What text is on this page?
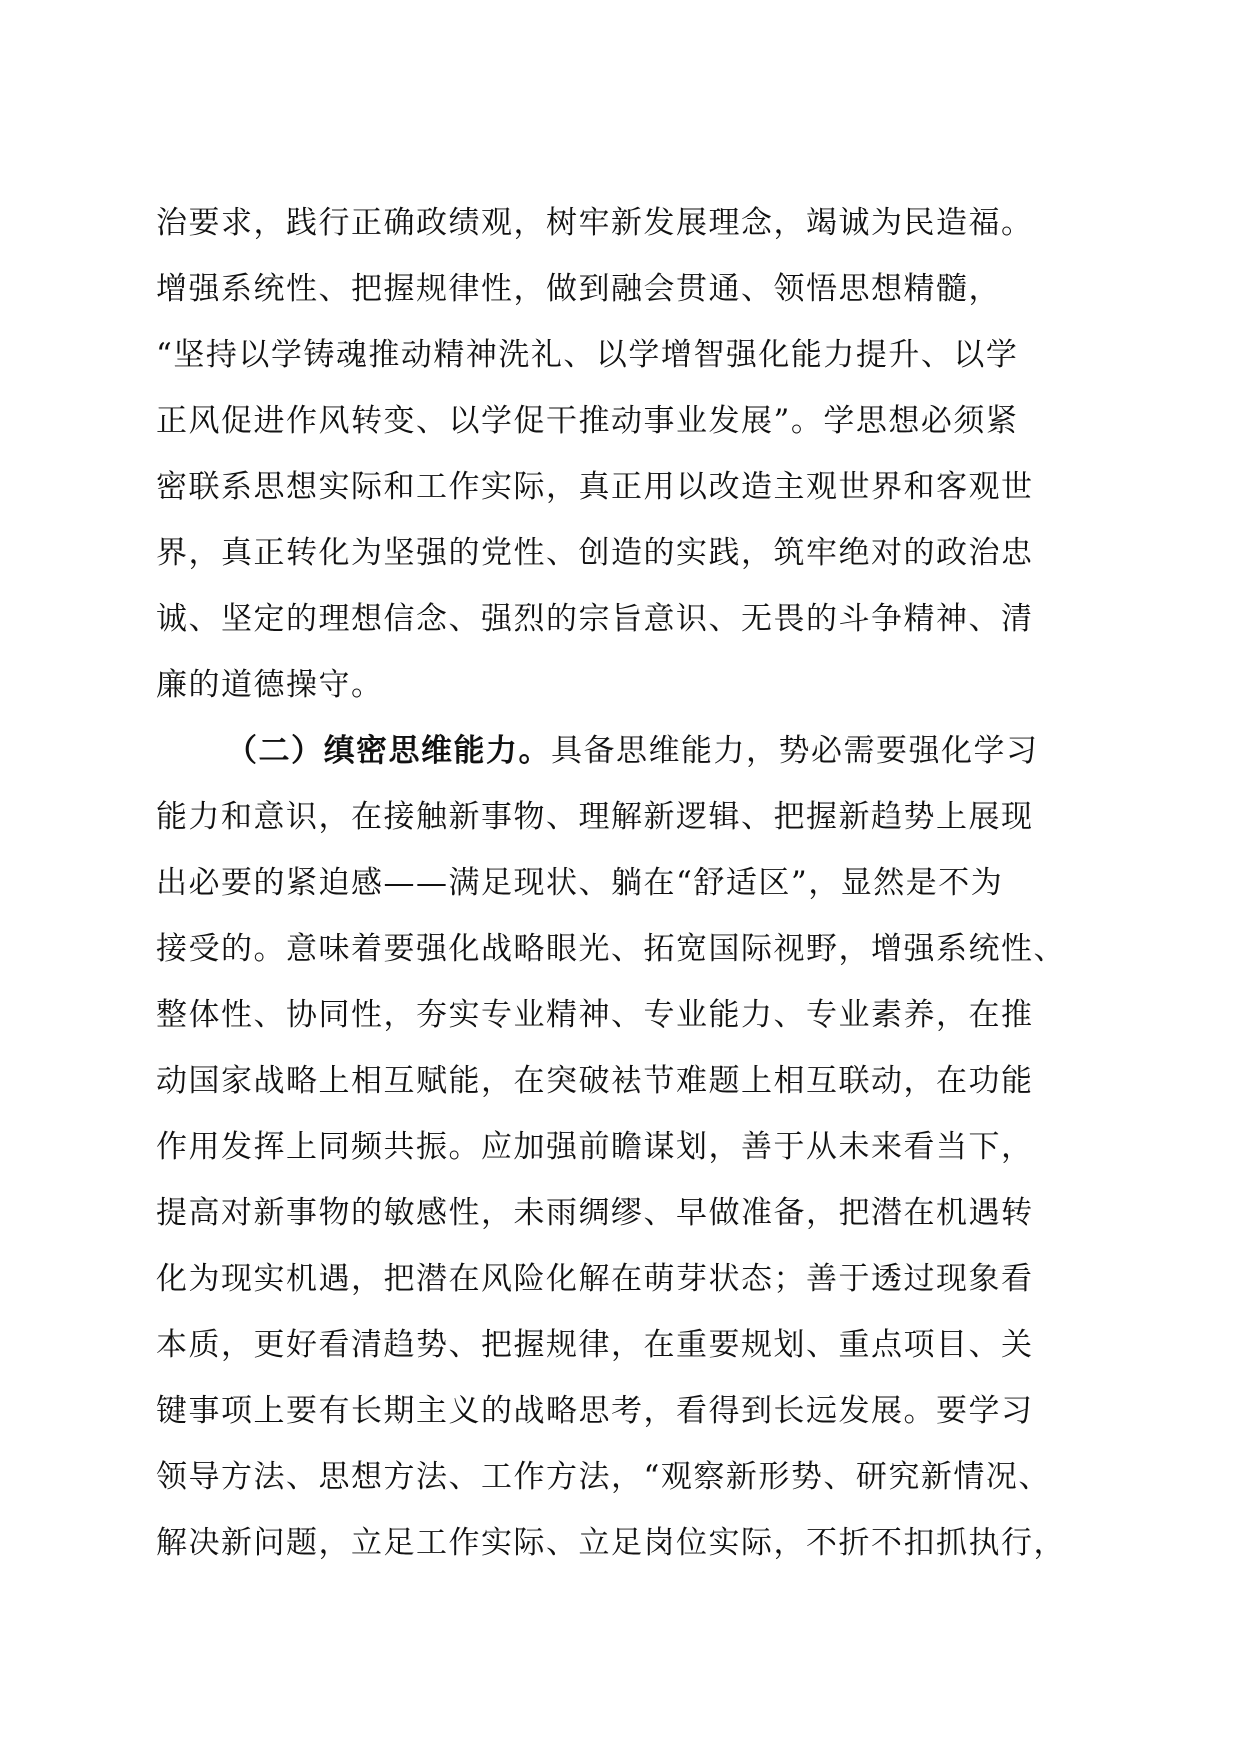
治要求，践行正确政绩观，树牢新发展理念，竭诚为民造福。
增强系统性、把握规律性，做到融会贯通、领悟思想精髓，
“坚持以学铸魂推动精神洗礼、以学增智强化能力提升、以学
正风促进作风转变、以学促干推动事业发展”。学思想必须紧
密联系思想实际和工作实际，真正用以改造主观世界和客观世
界，真正转化为坚强的党性、创造的实践，筑牢绝对的政治忠
诚、坚定的理想信念、强烈的宗旨意识、无畏的斗争精神、清
廉的道德操守。
（二）缜密思维能力。具备思维能力，势必需要强化学习
能力和意识，在接触新事物、理解新逻辑、把握新趋势上展现
出必要的紧迫感——满足现状、躺在“舒适区”，显然是不为
接受的。意味着要强化战略眼光、拓宽国际视野，增强系统性、
整体性、协同性，夯实专业精神、专业能力、专业素养，在推
动国家战略上相互赋能，在突破袪节难题上相互联动，在功能
作用发挥上同频共振。应加强前瞻谋划，善于从未来看当下，
提高对新事物的敏感性，未雨绸缪、早做准备，把潜在机遇转
化为现实机遇，把潜在风险化解在萌芽状态；善于透过现象看
本质，更好看清趋势、把握规律，在重要规划、重点项目、关
键事项上要有长期主义的战略思考，看得到长远发展。要学习
领导方法、思想方法、工作方法，“观察新形势、研究新情况、
解决新问题，立足工作实际、立足岗位实际，不折不扣抓执行，
